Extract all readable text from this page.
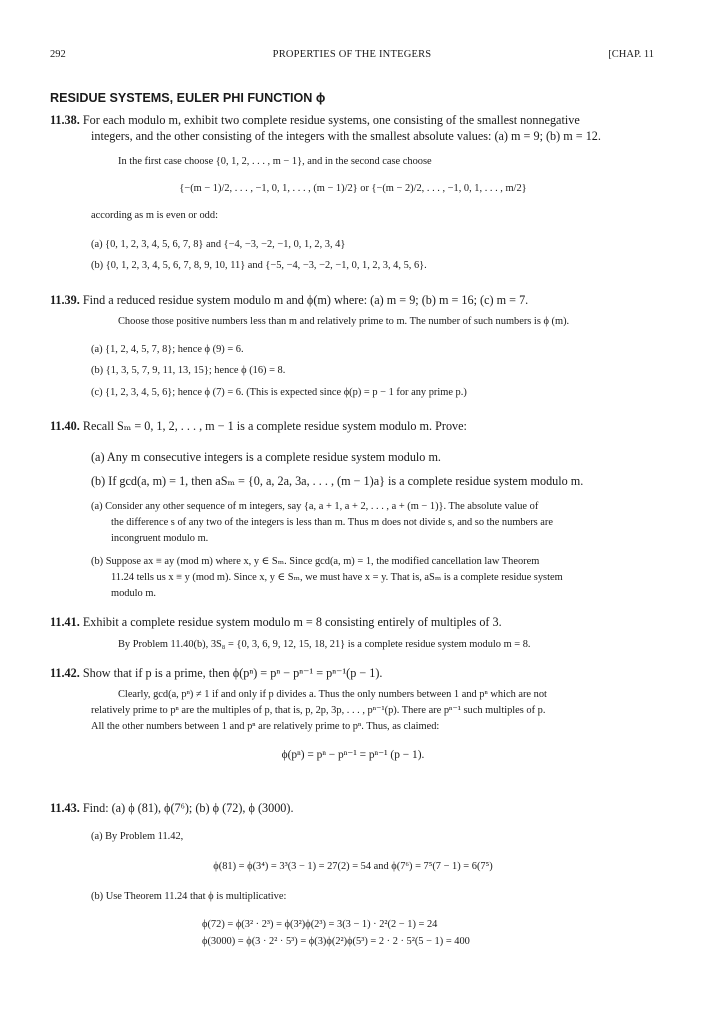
292	PROPERTIES OF THE INTEGERS	[CHAP. 11
RESIDUE SYSTEMS, EULER PHI FUNCTION ϕ
11.38. For each modulo m, exhibit two complete residue systems, one consisting of the smallest nonnegative
integers, and the other consisting of the integers with the smallest absolute values: (a) m = 9; (b) m = 12.
In the first case choose {0, 1, 2, . . . , m − 1}, and in the second case choose
{−(m − 1)/2, . . . , −1, 0, 1, . . . , (m − 1)/2} or {−(m − 2)/2, . . . , −1, 0, 1, . . . , m/2}
according as m is even or odd:
(a) {0, 1, 2, 3, 4, 5, 6, 7, 8} and {−4, −3, −2, −1, 0, 1, 2, 3, 4}
(b) {0, 1, 2, 3, 4, 5, 6, 7, 8, 9, 10, 11} and {−5, −4, −3, −2, −1, 0, 1, 2, 3, 4, 5, 6}.
11.39. Find a reduced residue system modulo m and ϕ(m) where: (a) m = 9; (b) m = 16; (c) m = 7.
Choose those positive numbers less than m and relatively prime to m. The number of such numbers is ϕ (m).
(a) {1, 2, 4, 5, 7, 8}; hence ϕ (9) = 6.
(b) {1, 3, 5, 7, 9, 11, 13, 15}; hence ϕ (16) = 8.
(c) {1, 2, 3, 4, 5, 6}; hence ϕ (7) = 6. (This is expected since ϕ(p) = p − 1 for any prime p.)
11.40. Recall Sₘ = 0, 1, 2, . . . , m − 1 is a complete residue system modulo m. Prove:
(a) Any m consecutive integers is a complete residue system modulo m.
(b) If gcd(a, m) = 1, then aSₘ = {0, a, 2a, 3a, . . . , (m − 1)a} is a complete residue system modulo m.
(a) Consider any other sequence of m integers, say {a, a + 1, a + 2, . . . , a + (m − 1)}. The absolute value of
the difference s of any two of the integers is less than m. Thus m does not divide s, and so the numbers are
incongruent modulo m.
(b) Suppose ax ≡ ay (mod m) where x, y ∈ Sₘ. Since gcd(a, m) = 1, the modified cancellation law Theorem
11.24 tells us x ≡ y (mod m). Since x, y ∈ Sₘ, we must have x = y. That is, aSₘ is a complete residue system
modulo m.
11.41. Exhibit a complete residue system modulo m = 8 consisting entirely of multiples of 3.
By Problem 11.40(b), 3S₈ = {0, 3, 6, 9, 12, 15, 18, 21} is a complete residue system modulo m = 8.
11.42. Show that if p is a prime, then ϕ(pⁿ) = pⁿ − pⁿ⁻¹ = pⁿ⁻¹(p − 1).
Clearly, gcd(a, pⁿ) ≠ 1 if and only if p divides a. Thus the only numbers between 1 and pⁿ which are not
relatively prime to pⁿ are the multiples of p, that is, p, 2p, 3p, . . . , pⁿ⁻¹(p). There are pⁿ⁻¹ such multiples of p.
All the other numbers between 1 and pⁿ are relatively prime to pⁿ. Thus, as claimed:
ϕ(pⁿ) = pⁿ − pⁿ⁻¹ = pⁿ⁻¹ (p − 1).
11.43. Find: (a) ϕ (81), ϕ(7⁶); (b) ϕ (72), ϕ (3000).
(a) By Problem 11.42,
ϕ(81) = ϕ(3⁴) = 3³(3 − 1) = 27(2) = 54 and ϕ(7⁶) = 7⁵(7 − 1) = 6(7⁵)
(b) Use Theorem 11.24 that ϕ is multiplicative:
ϕ(72) = ϕ(3² · 2³) = ϕ(3²)ϕ(2³) = 3(3 − 1) · 2²(2 − 1) = 24
ϕ(3000) = ϕ(3 · 2² · 5³) = ϕ(3)ϕ(2²)ϕ(5³) = 2 · 2 · 5²(5 − 1) = 400
